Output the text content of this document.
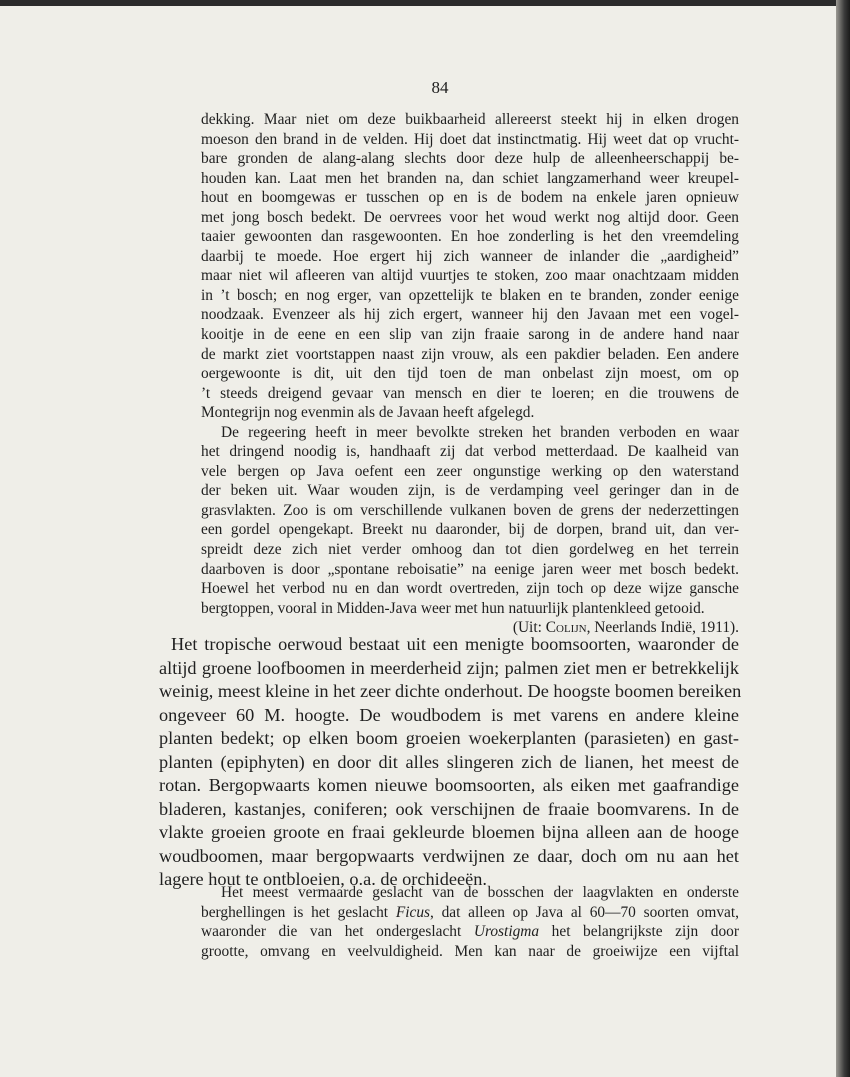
84
dekking. Maar niet om deze buikbaarheid allereerst steekt hij in elken drogen
moeson den brand in de velden. Hij doet dat instinctmatig. Hij weet dat op vrucht-
bare gronden de alang-alang slechts door deze hulp de alleenheerschappij be-
houden kan. Laat men het branden na, dan schiet langzamerhand weer kreupel-
hout en boomgewas er tusschen op en is de bodem na enkele jaren opnieuw
met jong bosch bedekt. De oervrees voor het woud werkt nog altijd door. Geen
taaier gewoonten dan rasgewoonten. En hoe zonderling is het den vreemdeling
daarbij te moede. Hoe ergert hij zich wanneer de inlander die „aardigheid”
maar niet wil afleeren van altijd vuurtjes te stoken, zoo maar onachtzaam midden
in ’t bosch; en nog erger, van opzettelijk te blaken en te branden, zonder eenige
noodzaak. Evenzeer als hij zich ergert, wanneer hij den Javaan met een vogel-
kooitje in de eene en een slip van zijn fraaie sarong in de andere hand naar
de markt ziet voortstappen naast zijn vrouw, als een pakdier beladen. Een andere
oergewoonte is dit, uit den tijd toen de man onbelast zijn moest, om op
’t steeds dreigend gevaar van mensch en dier te loeren; en die trouwens de
Montegrijn nog evenmin als de Javaan heeft afgelegd.
De regeering heeft in meer bevolkte streken het branden verboden en waar
het dringend noodig is, handhaaft zij dat verbod metterdaad. De kaalheid van
vele bergen op Java oefent een zeer ongunstige werking op den waterstand
der beken uit. Waar wouden zijn, is de verdamping veel geringer dan in de
grasvlakten. Zoo is om verschillende vulkanen boven de grens der nederzettingen
een gordel opengekapt. Breekt nu daaronder, bij de dorpen, brand uit, dan ver-
spreidt deze zich niet verder omhoog dan tot dien gordelweg en het terrein
daarboven is door „spontane reboisatie” na eenige jaren weer met bosch bedekt.
Hoewel het verbod nu en dan wordt overtreden, zijn toch op deze wijze gansche
bergtoppen, vooral in Midden-Java weer met hun natuurlijk plantenkleed getooid.
(Uit: Colijn, Neerlands Indië, 1911).
Het tropische oerwoud bestaat uit een menigte boomsoorten, waaronder de
altijd groene loofboomen in meerderheid zijn; palmen ziet men er betrekkelijk
weinig, meest kleine in het zeer dichte onderhout. De hoogste boomen bereiken
ongeveer 60 M. hoogte. De woudbodem is met varens en andere kleine
planten bedekt; op elken boom groeien woekerplanten (parasieten) en gast-
planten (epiphyten) en door dit alles slingeren zich de lianen, het meest de
rotan. Bergopwaarts komen nieuwe boomsoorten, als eiken met gaafrandige
bladeren, kastanjes, coniferen; ook verschijnen de fraaie boomvarens. In de
vlakte groeien groote en fraai gekleurde bloemen bijna alleen aan de hooge
woudboomen, maar bergopwaarts verdwijnen ze daar, doch om nu aan het
lagere hout te ontbloeien, o.a. de orchideeën.
Het meest vermaarde geslacht van de bosschen der laagvlakten en onderste
berghellingen is het geslacht Ficus, dat alleen op Java al 60—70 soorten omvat,
waaronder die van het ondergeslacht Urostigma het belangrijkste zijn door
grootte, omvang en veelvuldigheid. Men kan naar de groeiwijze een vijftal
